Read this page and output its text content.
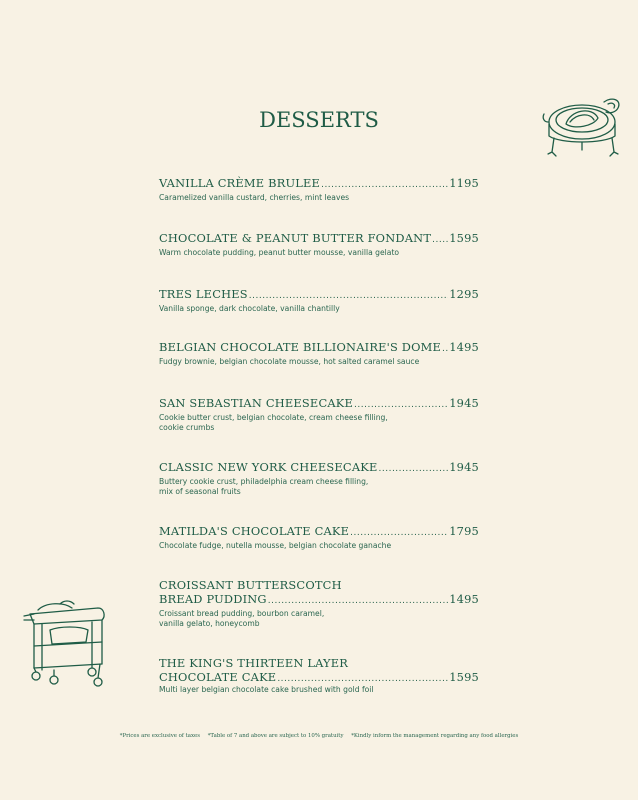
DESSERTS
VANILLA CRÈME BRULEE .....	1195
Caramelized vanilla custard, cherries, mint leaves
CHOCOLATE & PEANUT BUTTER FONDANT ..... 1595
Warm chocolate pudding, peanut butter mousse, vanilla gelato
TRES LECHES .....	1295
Vanilla sponge, dark chocolate, vanilla chantilly
BELGIAN CHOCOLATE BILLIONAIRE'S DOME ..... 1495
Fudgy brownie, belgian chocolate mousse, hot salted caramel sauce
SAN SEBASTIAN CHEESECAKE .....	1945
Cookie butter crust, belgian chocolate, cream cheese filling,
cookie crumbs
CLASSIC NEW YORK CHEESECAKE .....	1945
Buttery cookie crust, philadelphia cream cheese filling,
mix of seasonal fruits
MATILDA'S CHOCOLATE CAKE .....	1795
Chocolate fudge, nutella mousse, belgian chocolate ganache
CROISSANT BUTTERSCOTCH
BREAD PUDDING .....	1495
Croissant bread pudding, bourbon caramel,
vanilla gelato, honeycomb
THE KING'S THIRTEEN LAYER
CHOCOLATE CAKE .....	1595
Multi layer belgian chocolate cake brushed with gold foil
*Prices are exclusive of taxes *Table of 7 and above are subject to 10% gratuity *Kindly inform the management regarding any food allergies
